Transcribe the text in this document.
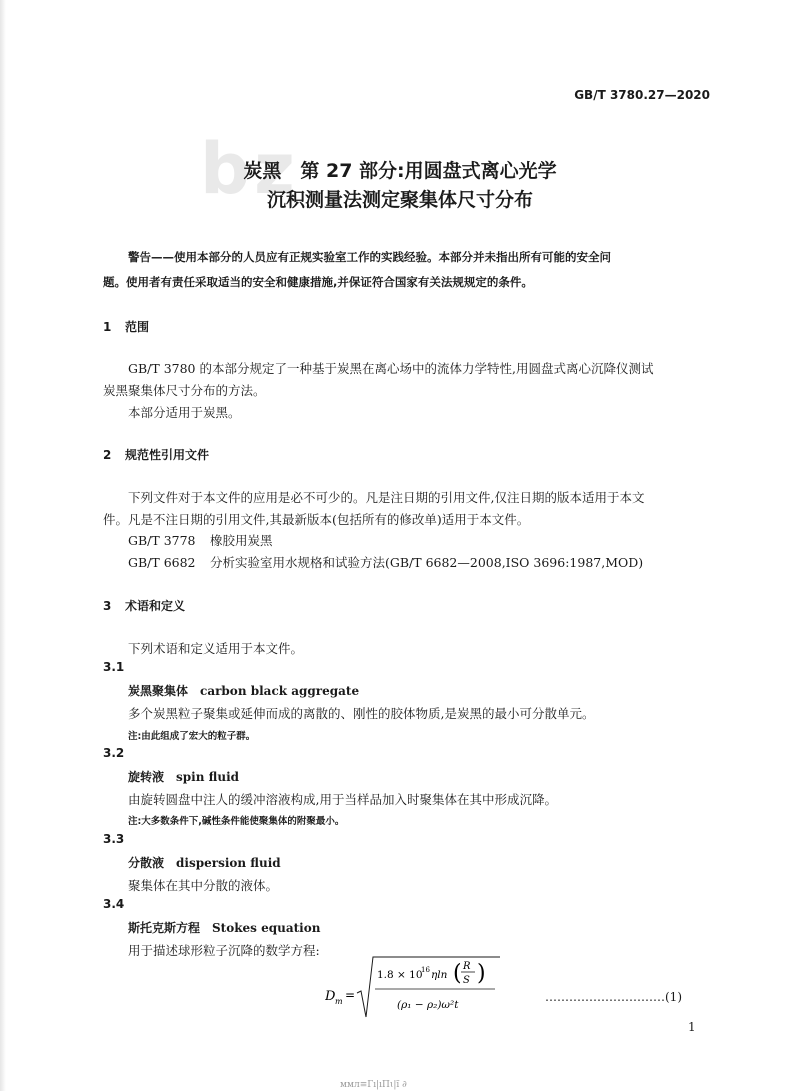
GB/T 3780.27—2020
bz
炭黑　第 27 部分:用圆盘式离心光学
沉积测量法测定聚集体尺寸分布
警告——使用本部分的人员应有正规实验室工作的实践经验。本部分并未指出所有可能的安全问
题。使用者有责任采取适当的安全和健康措施,并保证符合国家有关法规规定的条件。
1 范围
GB/T 3780 的本部分规定了一种基于炭黑在离心场中的流体力学特性,用圆盘式离心沉降仪测试
炭黑聚集体尺寸分布的方法。
本部分适用于炭黑。
2 规范性引用文件
下列文件对于本文件的应用是必不可少的。凡是注日期的引用文件,仅注日期的版本适用于本文
件。凡是不注日期的引用文件,其最新版本(包括所有的修改单)适用于本文件。
GB/T 3778 橡胶用炭黑
GB/T 6682 分析实验室用水规格和试验方法(GB/T 6682—2008,ISO 3696:1987,MOD)
3 术语和定义
下列术语和定义适用于本文件。
3.1
炭黑聚集体 carbon black aggregate
多个炭黑粒子聚集或延伸而成的离散的、刚性的胶体物质,是炭黑的最小可分散单元。
注:由此组成了宏大的粒子群。
3.2
旋转液 spin fluid
由旋转圆盘中注人的缓冲溶液构成,用于当样品加入时聚集体在其中形成沉降。
注:大多数条件下,碱性条件能使聚集体的附聚最小。
3.3
分散液 dispersion fluid
聚集体在其中分散的液体。
3.4
斯托克斯方程 Stokes equation
用于描述球形粒子沉降的数学方程:
D m =
1.8 × 10
16 ηln ( R
S )
(ρ₁ − ρ₂)ω²t
…………………………(1)
1
ммл≡Гı|ıΠɩ|ı̃ ∂
